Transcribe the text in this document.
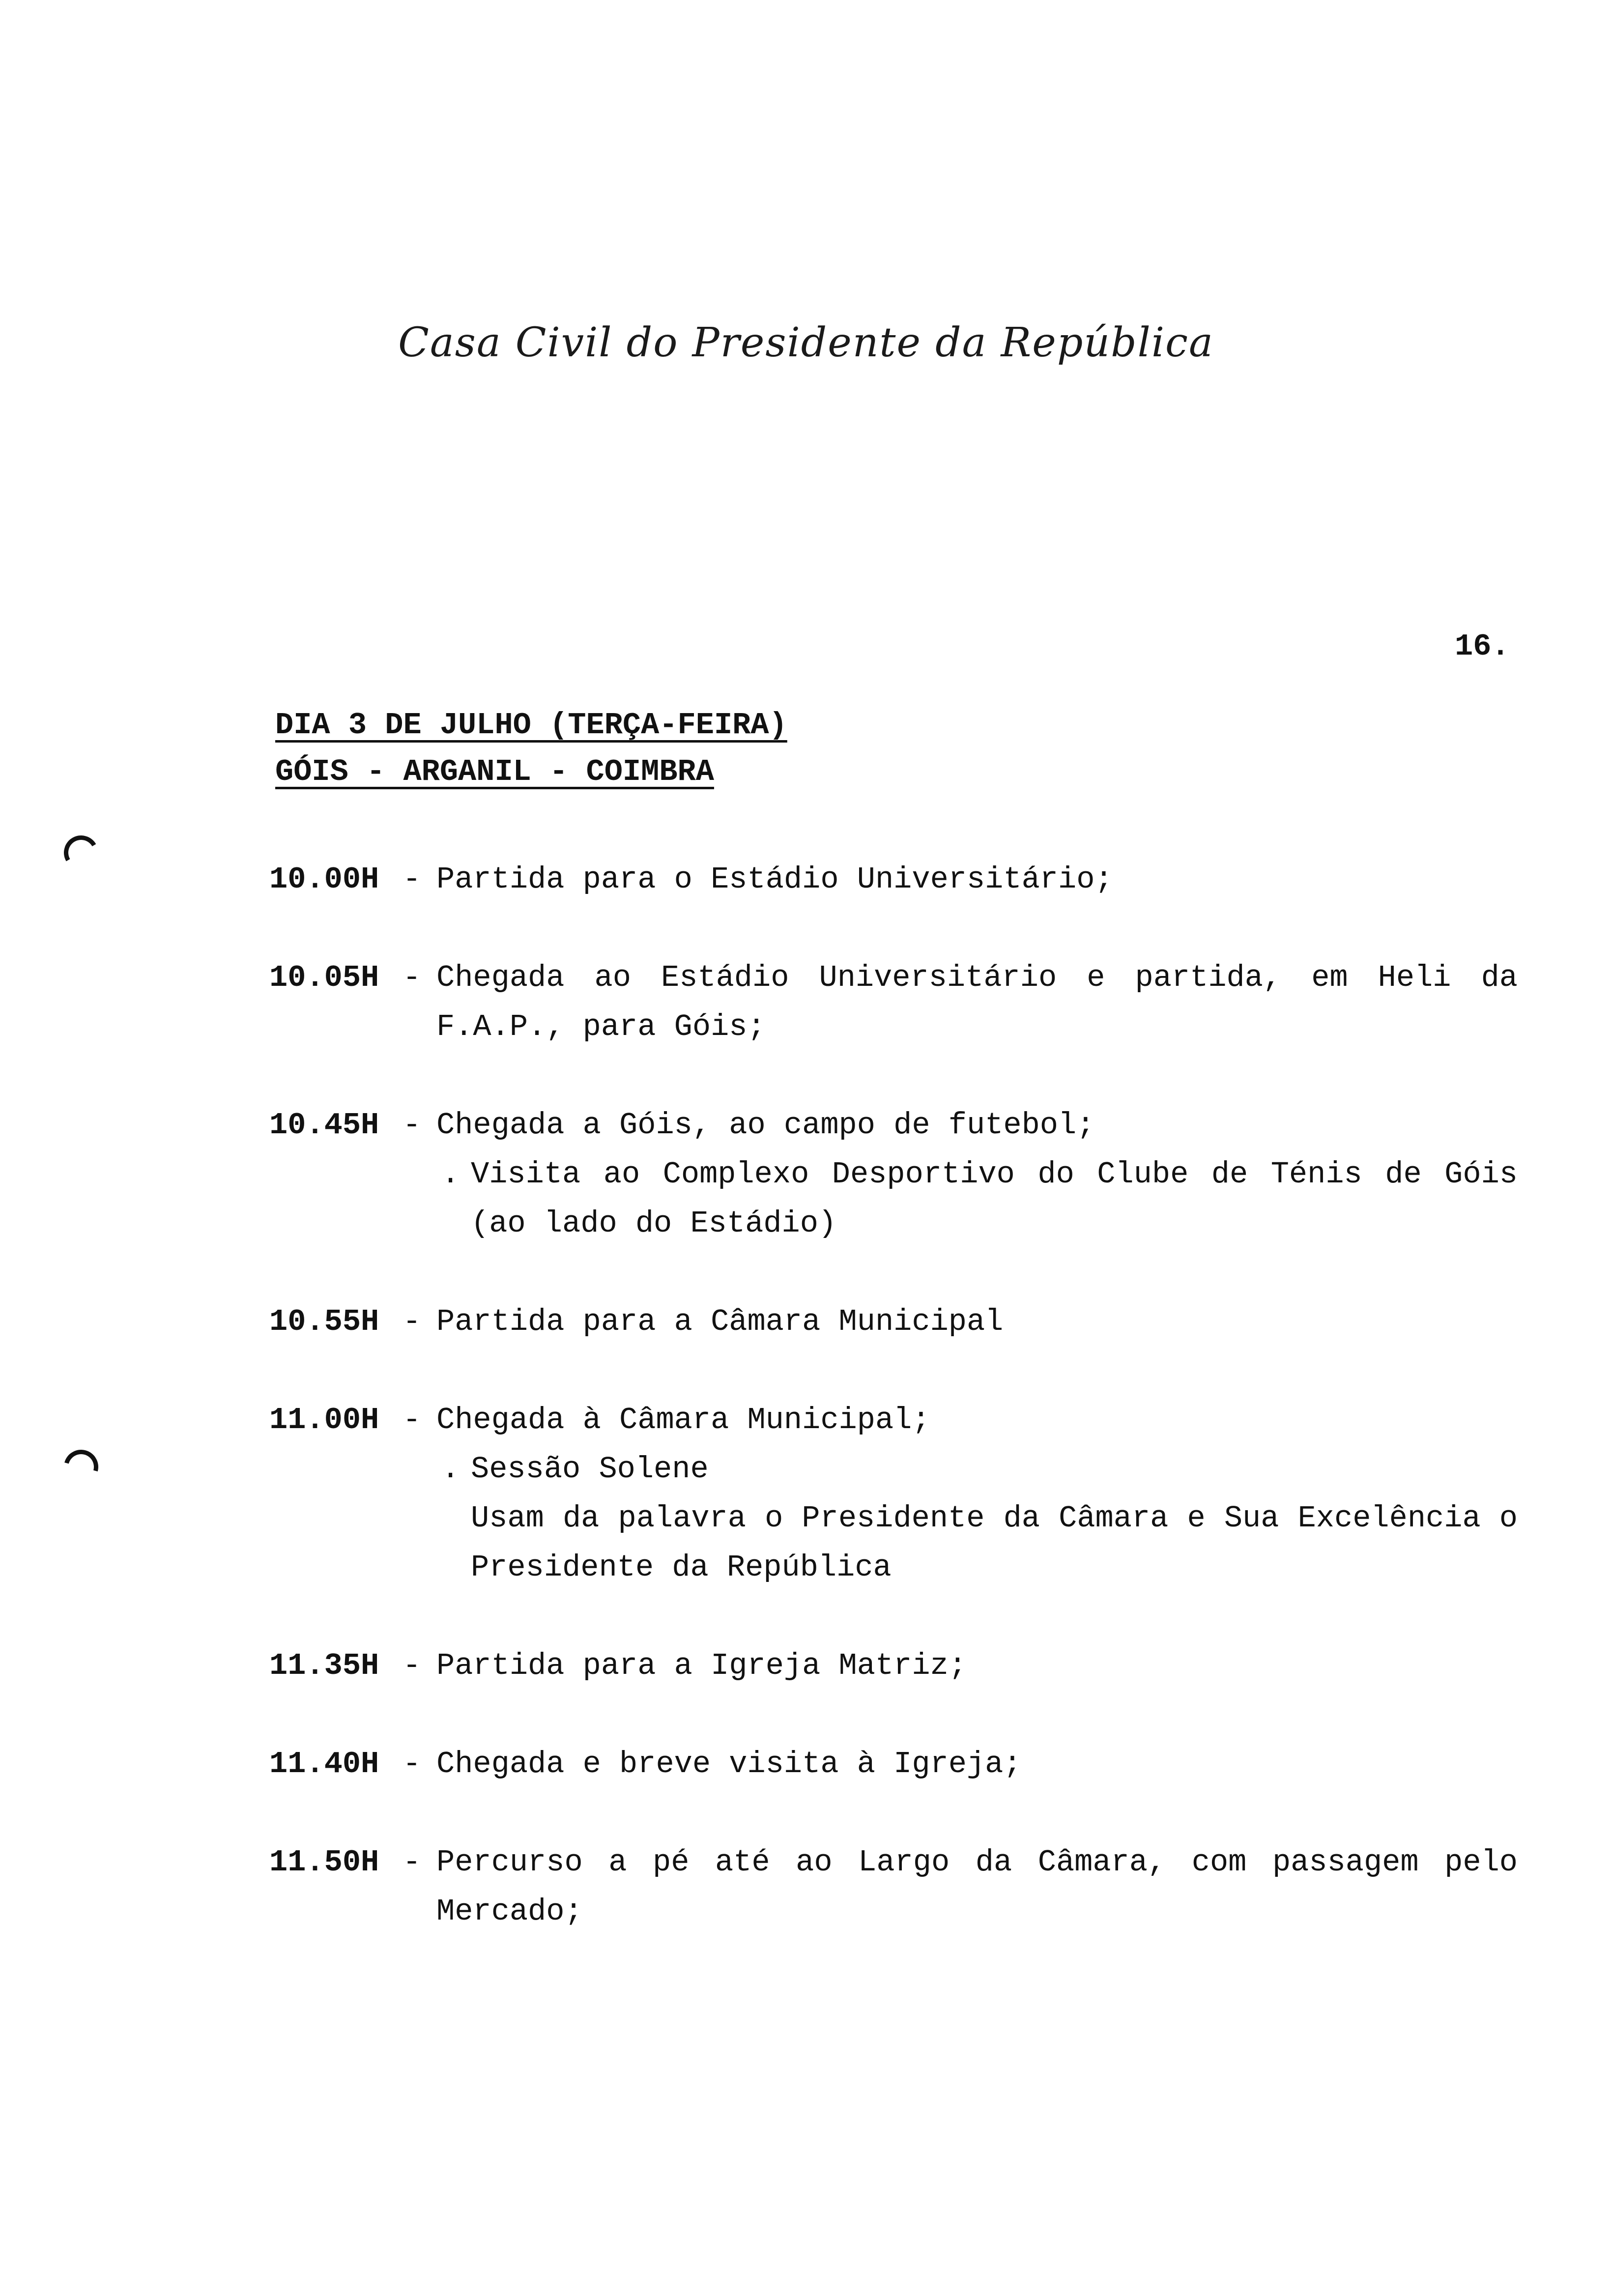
Casa Civil do Presidente da República
16.
DIA 3 DE JULHO (TERÇA-FEIRA)
GÓIS - ARGANIL - COIMBRA
10.00H - Partida para o Estádio Universitário;
10.05H - Chegada ao Estádio Universitário e partida, em Heli da F.A.P., para Góis;
10.45H - Chegada a Góis, ao campo de futebol;
. Visita ao Complexo Desportivo do Clube de Ténis de Góis (ao lado do Estádio)
10.55H - Partida para a Câmara Municipal
11.00H - Chegada à Câmara Municipal;
. Sessão Solene
Usam da palavra o Presidente da Câmara e Sua Excelência o Presidente da República
11.35H - Partida para a Igreja Matriz;
11.40H - Chegada e breve visita à Igreja;
11.50H - Percurso a pé até ao Largo da Câmara, com passagem pelo Mercado;
